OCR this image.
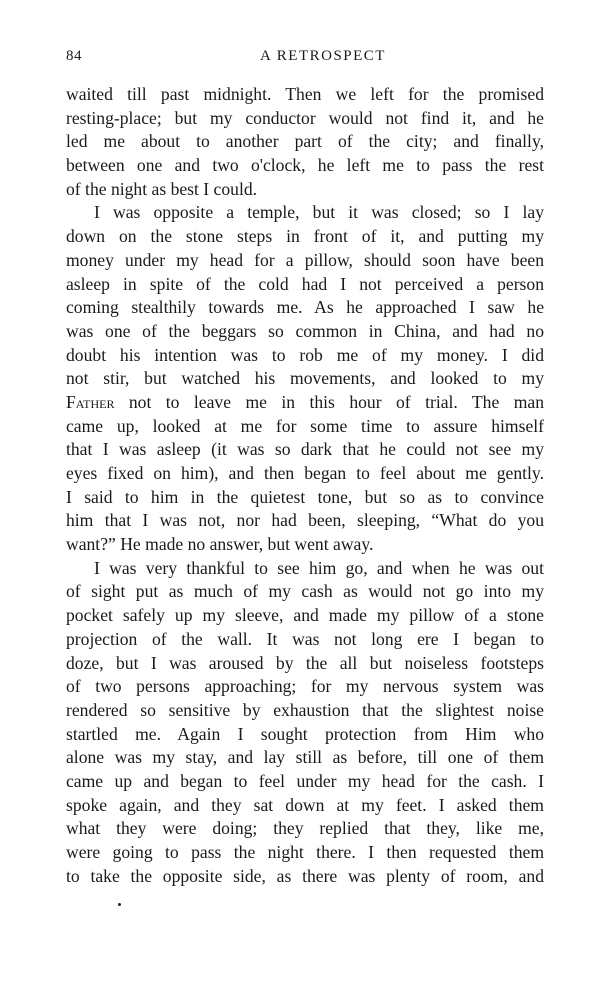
84	A RETROSPECT
waited till past midnight. Then we left for the promised
resting-place; but my conductor would not find it, and he
led me about to another part of the city; and finally,
between one and two o'clock, he left me to pass the rest
of the night as best I could.
I was opposite a temple, but it was closed; so I lay
down on the stone steps in front of it, and putting my
money under my head for a pillow, should soon have been
asleep in spite of the cold had I not perceived a person
coming stealthily towards me. As he approached I saw he
was one of the beggars so common in China, and had no
doubt his intention was to rob me of my money. I did
not stir, but watched his movements, and looked to my
Father not to leave me in this hour of trial. The man
came up, looked at me for some time to assure himself
that I was asleep (it was so dark that he could not see my
eyes fixed on him), and then began to feel about me gently.
I said to him in the quietest tone, but so as to convince
him that I was not, nor had been, sleeping, “What do you
want?” He made no answer, but went away.
I was very thankful to see him go, and when he was out
of sight put as much of my cash as would not go into my
pocket safely up my sleeve, and made my pillow of a stone
projection of the wall. It was not long ere I began to
doze, but I was aroused by the all but noiseless footsteps
of two persons approaching; for my nervous system was
rendered so sensitive by exhaustion that the slightest noise
startled me. Again I sought protection from Him who
alone was my stay, and lay still as before, till one of them
came up and began to feel under my head for the cash. I
spoke again, and they sat down at my feet. I asked them
what they were doing; they replied that they, like me,
were going to pass the night there. I then requested them
to take the opposite side, as there was plenty of room, and
